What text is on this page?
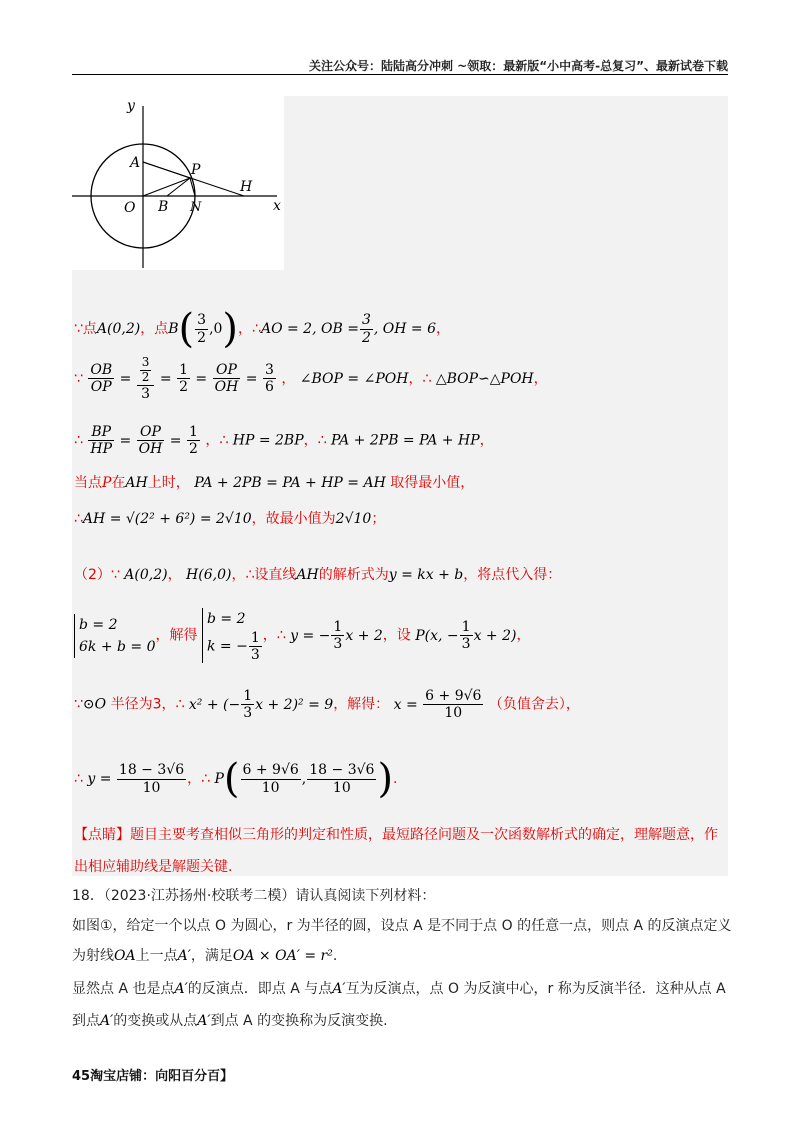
关注公众号：陆陆高分冲刺 ~领取：最新版“小中高考-总复习”、最新试卷下载
y
x
A	P
H
O B N
∵点A(0,2)，点$B( \frac{3}{2} ,0)$，∴AO = 2, OB = $\frac{3}{2}$ , OH = 6，
∵ $\frac{OB}{OP} = \frac{\frac{3}{2}}{3} = \frac{1}{2} = \frac{OP}{OH} = \frac{3}{6}$ ， ∠BOP = ∠POH，∴ △BOP∽△POH，
∴ $\frac{BP}{HP} = \frac{OP}{OH} = \frac{1}{2}$ ，∴ HP = 2BP，∴ PA + 2PB = PA + HP，
当点P在AH上时， PA + 2PB = PA + HP = AH 取得最小值，
∴AH = √(2² + 6²) = 2√10，故最小值为2√10；
（2）∵ A(0,2)， H(6,0)，∴设直线AH的解析式为y = kx + b，将点代入得：
b = 2
6k + b = 0
，解得
b = 2
k = − $\frac{1}{3}$ ，∴ y = − $\frac{1}{3}$ x + 2，设 P(x, − $\frac{1}{3}$ x + 2)，
∵⊙O 半径为3，∴ x² + (− $\frac{1}{3}$ x + 2)² = 9，解得： $x = \frac{6 + 9√6}{10}$ （负值舍去），
∴ $y = \frac{18 - 3√6}{10}$ ，∴ $P( \frac{6 + 9√6}{10}$ , $\frac{18 - 3√6}{10}$ ).
【点睛】题目主要考查相似三角形的判定和性质，最短路径问题及一次函数解析式的确定，理解题意，作
出相应辅助线是解题关键.
18．（2023·江苏扬州·校联考二模）请认真阅读下列材料：
如图①，给定一个以点 O 为圆心，r 为半径的圆，设点 A 是不同于点 O 的任意一点，则点 A 的反演点定义
为射线OA上一点A′，满足OA × OA′ = r².
显然点 A 也是点A′的反演点．即点 A 与点A′互为反演点，点 O 为反演中心，r 称为反演半径．这种从点 A
到点A′的变换或从点A′到点 A 的变换称为反演变换.
45淘宝店铺：向阳百分百】
